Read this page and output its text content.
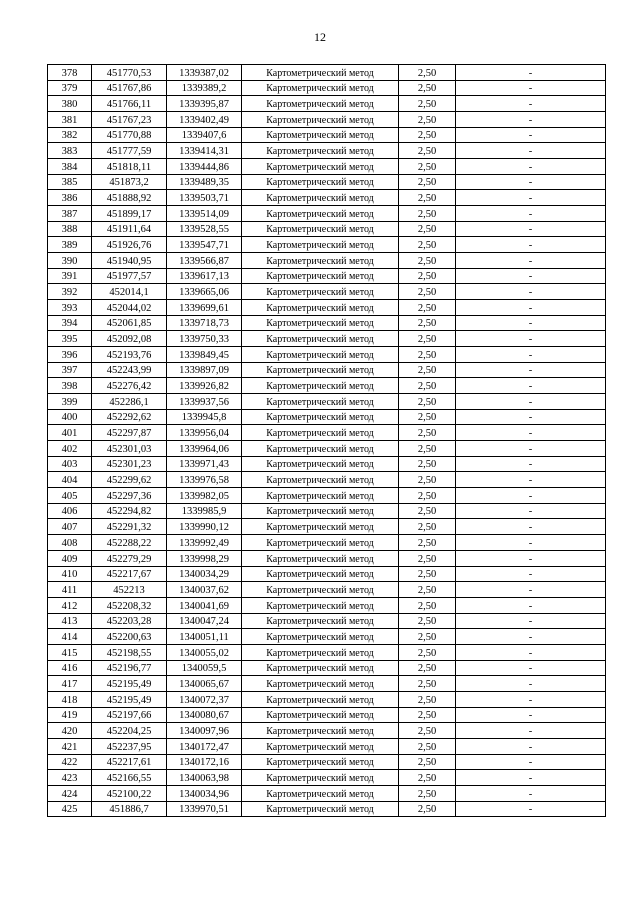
12
378	451770,53	1339387,02	Картометрический метод	2,50	-
379	451767,86	1339389,2	Картометрический метод	2,50	-
380	451766,11	1339395,87	Картометрический метод	2,50	-
381	451767,23	1339402,49	Картометрический метод	2,50	-
382	451770,88	1339407,6	Картометрический метод	2,50	-
383	451777,59	1339414,31	Картометрический метод	2,50	-
384	451818,11	1339444,86	Картометрический метод	2,50	-
385	451873,2	1339489,35	Картометрический метод	2,50	-
386	451888,92	1339503,71	Картометрический метод	2,50	-
387	451899,17	1339514,09	Картометрический метод	2,50	-
388	451911,64	1339528,55	Картометрический метод	2,50	-
389	451926,76	1339547,71	Картометрический метод	2,50	-
390	451940,95	1339566,87	Картометрический метод	2,50	-
391	451977,57	1339617,13	Картометрический метод	2,50	-
392	452014,1	1339665,06	Картометрический метод	2,50	-
393	452044,02	1339699,61	Картометрический метод	2,50	-
394	452061,85	1339718,73	Картометрический метод	2,50	-
395	452092,08	1339750,33	Картометрический метод	2,50	-
396	452193,76	1339849,45	Картометрический метод	2,50	-
397	452243,99	1339897,09	Картометрический метод	2,50	-
398	452276,42	1339926,82	Картометрический метод	2,50	-
399	452286,1	1339937,56	Картометрический метод	2,50	-
400	452292,62	1339945,8	Картометрический метод	2,50	-
401	452297,87	1339956,04	Картометрический метод	2,50	-
402	452301,03	1339964,06	Картометрический метод	2,50	-
403	452301,23	1339971,43	Картометрический метод	2,50	-
404	452299,62	1339976,58	Картометрический метод	2,50	-
405	452297,36	1339982,05	Картометрический метод	2,50	-
406	452294,82	1339985,9	Картометрический метод	2,50	-
407	452291,32	1339990,12	Картометрический метод	2,50	-
408	452288,22	1339992,49	Картометрический метод	2,50	-
409	452279,29	1339998,29	Картометрический метод	2,50	-
410	452217,67	1340034,29	Картометрический метод	2,50	-
411	452213	1340037,62	Картометрический метод	2,50	-
412	452208,32	1340041,69	Картометрический метод	2,50	-
413	452203,28	1340047,24	Картометрический метод	2,50	-
414	452200,63	1340051,11	Картометрический метод	2,50	-
415	452198,55	1340055,02	Картометрический метод	2,50	-
416	452196,77	1340059,5	Картометрический метод	2,50	-
417	452195,49	1340065,67	Картометрический метод	2,50	-
418	452195,49	1340072,37	Картометрический метод	2,50	-
419	452197,66	1340080,67	Картометрический метод	2,50	-
420	452204,25	1340097,96	Картометрический метод	2,50	-
421	452237,95	1340172,47	Картометрический метод	2,50	-
422	452217,61	1340172,16	Картометрический метод	2,50	-
423	452166,55	1340063,98	Картометрический метод	2,50	-
424	452100,22	1340034,96	Картометрический метод	2,50	-
425	451886,7	1339970,51	Картометрический метод	2,50	-
